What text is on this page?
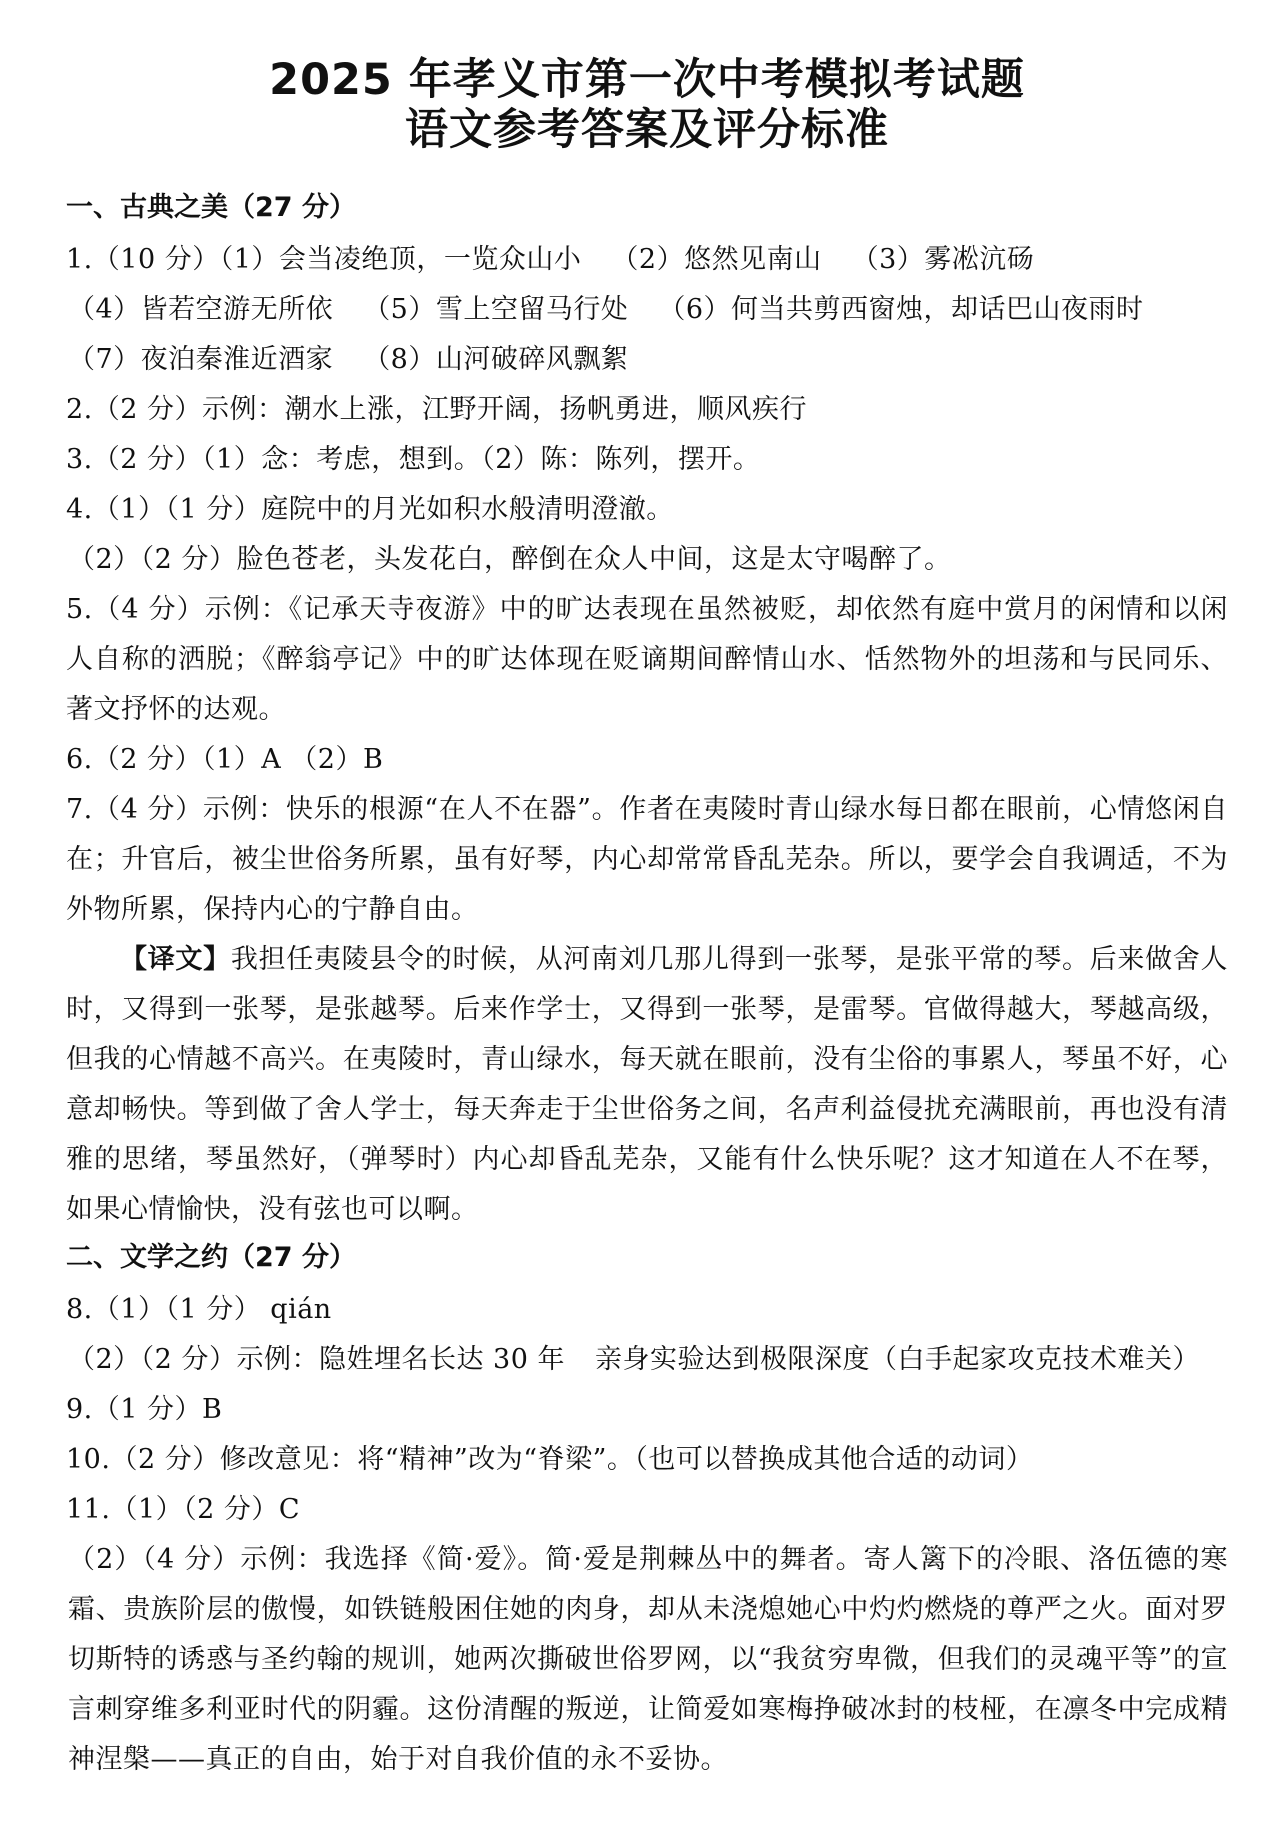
2025 年孝义市第一次中考模拟考试题
语文参考答案及评分标准
一、古典之美（27 分）
1.（10 分）（1）会当凌绝顶，一览众山小 （2）悠然见南山 （3）雾凇沆砀
（4）皆若空游无所依 （5）雪上空留马行处 （6）何当共剪西窗烛，却话巴山夜雨时
（7）夜泊秦淮近酒家 （8）山河破碎风飘絮
2.（2 分）示例：潮水上涨，江野开阔，扬帆勇进，顺风疾行
3.（2 分）（1）念：考虑，想到。（2）陈：陈列，摆开。
4.（1）（1 分）庭院中的月光如积水般清明澄澈。
（2）（2 分）脸色苍老，头发花白，醉倒在众人中间，这是太守喝醉了。

5.（4 分）示例：《记承天寺夜游》中的旷达表现在虽然被贬，却依然有庭中赏月的闲情和以闲人自称的洒脱；《醉翁亭记》中的旷达体现在贬谪期间醉情山水、恬然物外的坦荡和与民同乐、著文抒怀的达观。

6.（2 分）（1）A （2）B

7.（4 分）示例：快乐的根源“在人不在器”。作者在夷陵时青山绿水每日都在眼前，心情悠闲自在；升官后，被尘世俗务所累，虽有好琴，内心却常常昏乱芜杂。所以，要学会自我调适，不为外物所累，保持内心的宁静自由。

【译文】我担任夷陵县令的时候，从河南刘几那儿得到一张琴，是张平常的琴。后来做舍人时，又得到一张琴，是张越琴。后来作学士，又得到一张琴，是雷琴。官做得越大，琴越高级，但我的心情越不高兴。在夷陵时，青山绿水，每天就在眼前，没有尘俗的事累人，琴虽不好，心意却畅快。等到做了舍人学士，每天奔走于尘世俗务之间，名声利益侵扰充满眼前，再也没有清雅的思绪，琴虽然好，（弹琴时）内心却昏乱芜杂，又能有什么快乐呢？这才知道在人不在琴，如果心情愉快，没有弦也可以啊。

二、文学之约（27 分）
8.（1）（1 分） qián
（2）（2 分）示例：隐姓埋名长达 30 年 亲身实验达到极限深度（白手起家攻克技术难关）
9.（1 分）B
10.（2 分）修改意见：将“精神”改为“脊梁”。（也可以替换成其他合适的动词）
11.（1）（2 分）C

（2）（4 分）示例：我选择《简·爱》。简·爱是荆棘丛中的舞者。寄人篱下的冷眼、洛伍德的寒霜、贵族阶层的傲慢，如铁链般困住她的肉身，却从未浇熄她心中灼灼燃烧的尊严之火。面对罗切斯特的诱惑与圣约翰的规训，她两次撕破世俗罗网，以“我贫穷卑微，但我们的灵魂平等”的宣言刺穿维多利亚时代的阴霾。这份清醒的叛逆，让简爱如寒梅挣破冰封的枝桠，在凛冬中完成精神涅槃——真正的自由，始于对自我价值的永不妥协。
